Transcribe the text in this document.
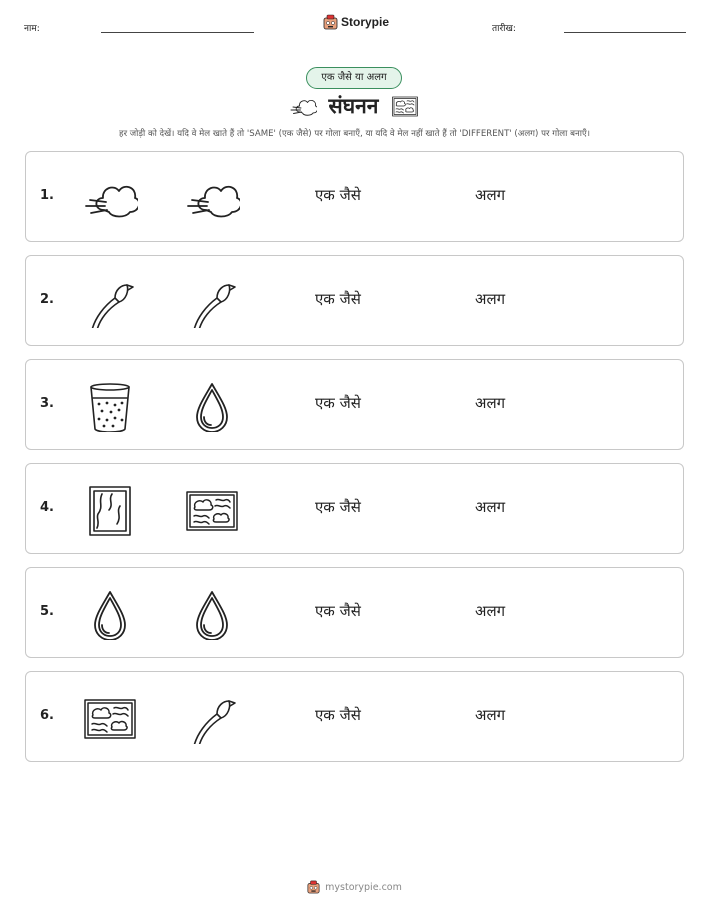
नाम:	Storypie	तारीख:
एक जैसे या अलग
संघनन
हर जोड़ी को देखें। यदि वे मेल खाते हैं तो 'SAME' (एक जैसे) पर गोला बनाएँ, या यदि वे मेल नहीं खाते हैं तो 'DIFFERENT' (अलग) पर गोला बनाएँ।
1.	एक जैसे	अलग
2.	एक जैसे	अलग
3.	एक जैसे	अलग
4.	एक जैसे	अलग
5.	एक जैसे	अलग
6.	एक जैसे	अलग
mystorypie.com
